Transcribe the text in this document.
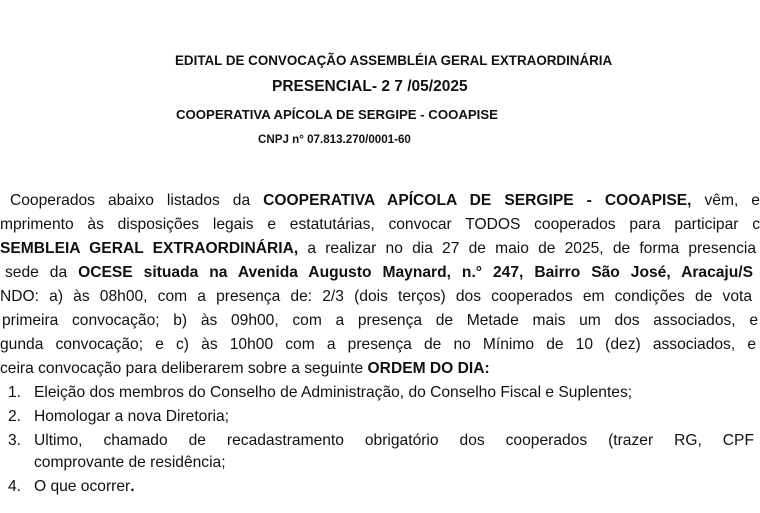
EDITAL DE CONVOCAÇÃO ASSEMBLÉIA GERAL EXTRAORDINÁRIA
PRESENCIAL- 2 7 /05/2025
COOPERATIVA APÍCOLA DE SERGIPE - COOAPISE
CNPJ n° 07.813.270/0001-60
Cooperados abaixo listados da COOPERATIVA APÍCOLA DE SERGIPE - COOAPISE, vêm, e
mprimento às disposições legais e estatutárias, convocar TODOS cooperados para participar c
SEMBLEIA GERAL EXTRAORDINÁRIA, a realizar no dia 27 de maio de 2025, de forma presencia
sede da OCESE situada na Avenida Augusto Maynard, n.° 247, Bairro São José, Aracaju/S
NDO: a) às 08h00, com a presença de: 2/3 (dois terços) dos cooperados em condições de vota
primeira convocação; b) às 09h00, com a presença de Metade mais um dos associados, e
gunda convocação; e c) às 10h00 com a presença de no Mínimo de 10 (dez) associados, e
ceira convocação para deliberarem sobre a seguinte ORDEM DO DIA:
1. Eleição dos membros do Conselho de Administração, do Conselho Fiscal e Suplentes;
2. Homologar a nova Diretoria;
3. Ultimo, chamado de recadastramento obrigatório dos cooperados (trazer RG, CPF
comprovante de residência;
4. O que ocorrer.
